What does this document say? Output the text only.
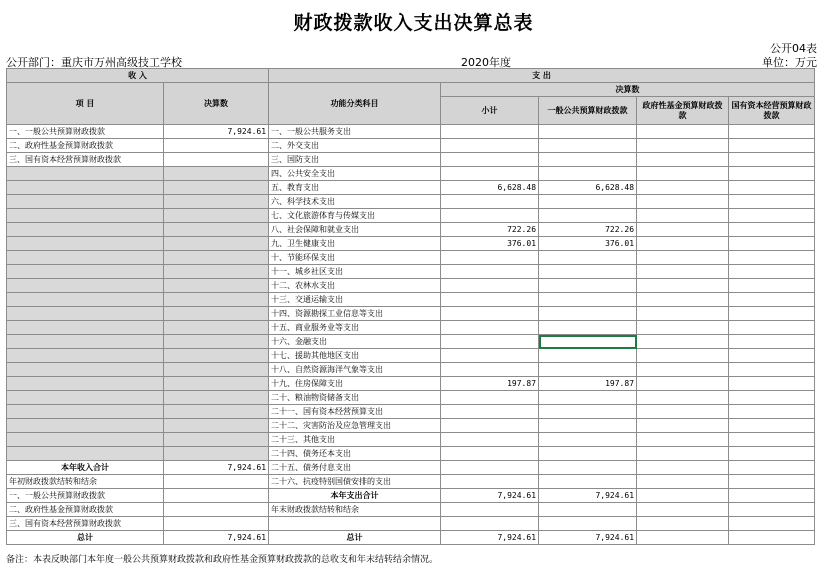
财政拨款收入支出决算总表
公开04表
公开部门：重庆市万州高级技工学校	2020年度	单位：万元
收 入		支 出				
项 目	决算数	功能分类科目	决算数			
			小计	一般公共预算财政拨款	政府性基金预算财政拨款	国有资本经营预算财政拨款
一、一般公共预算财政拨款	7,924.61	一、一般公共服务支出				
二、政府性基金预算财政拨款		二、外交支出				
三、国有资本经营预算财政拨款		三、国防支出				
		四、公共安全支出				
		五、教育支出	6,628.48	6,628.48		
		六、科学技术支出				
		七、文化旅游体育与传媒支出				
		八、社会保障和就业支出	722.26	722.26		
		九、卫生健康支出	376.01	376.01		
		十、节能环保支出				
		十一、城乡社区支出				
		十二、农林水支出				
		十三、交通运输支出				
		十四、资源勘探工业信息等支出				
		十五、商业服务业等支出				
		十六、金融支出				
		十七、援助其他地区支出				
		十八、自然资源海洋气象等支出				
		十九、住房保障支出	197.87	197.87		
		二十、粮油物资储备支出				
		二十一、国有资本经营预算支出				
		二十二、灾害防治及应急管理支出				
		二十三、其他支出				
		二十四、债务还本支出				
本年收入合计	7,924.61	二十五、债务付息支出				
年初财政拨款结转和结余		二十六、抗疫特别国债安排的支出				
一、一般公共预算财政拨款		本年支出合计	7,924.61	7,924.61		
二、政府性基金预算财政拨款		年末财政拨款结转和结余				
三、国有资本经营预算财政拨款						
总计	7,924.61	总计	7,924.61	7,924.61		
备注：本表反映部门本年度一般公共预算财政拨款和政府性基金预算财政拨款的总收支和年末结转结余情况。
